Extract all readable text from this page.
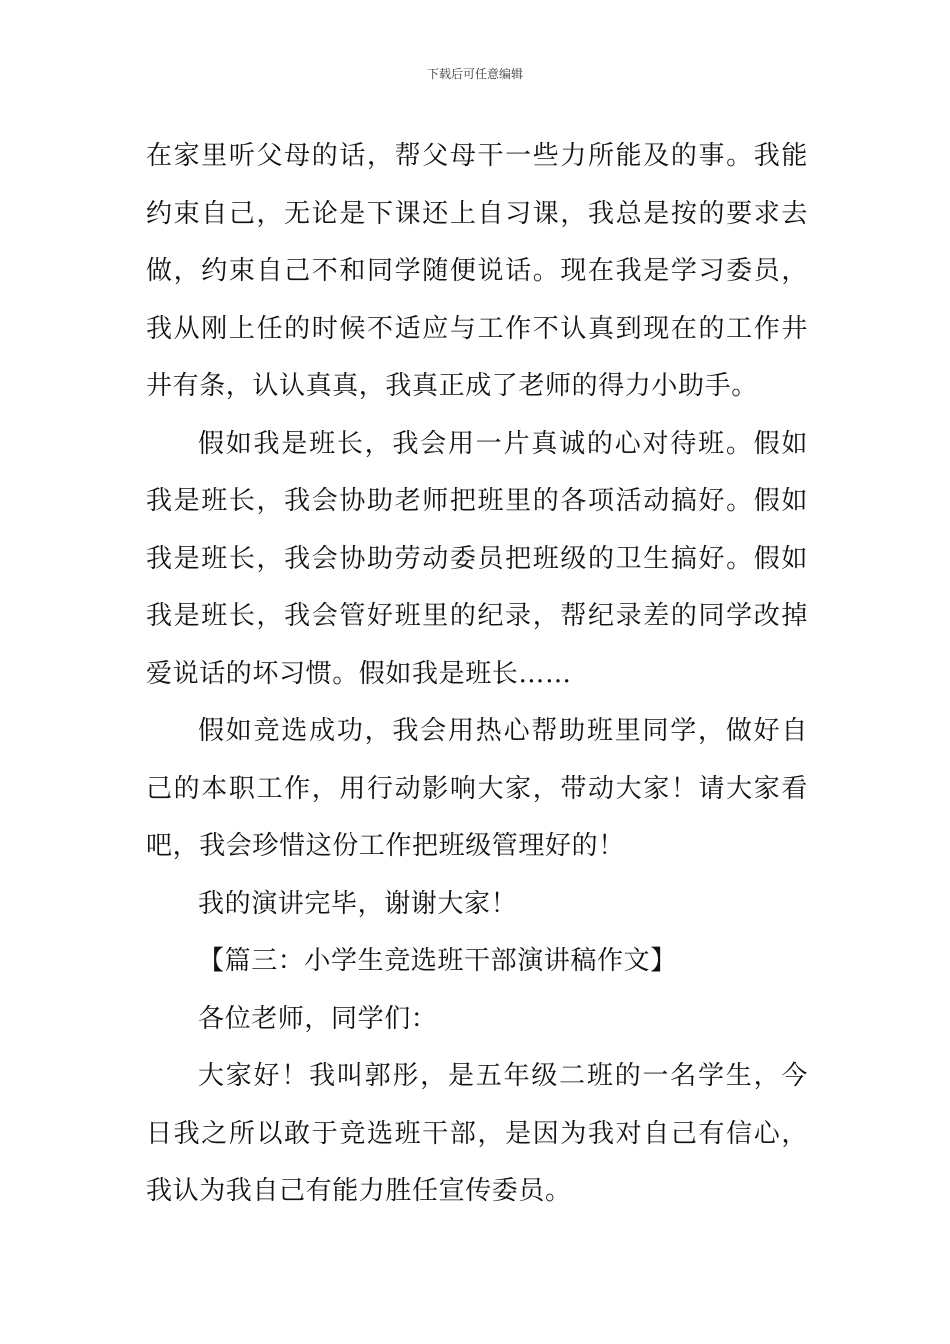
下载后可任意编辑

在家里听父母的话，帮父母干一些力所能及的事。我能约束自己，无论是下课还上自习课，我总是按的要求去做，约束自己不和同学随便说话。现在我是学习委员，我从刚上任的时候不适应与工作不认真到现在的工作井井有条，认认真真，我真正成了老师的得力小助手。

假如我是班长，我会用一片真诚的心对待班。假如我是班长，我会协助老师把班里的各项活动搞好。假如我是班长，我会协助劳动委员把班级的卫生搞好。假如我是班长，我会管好班里的纪录，帮纪录差的同学改掉爱说话的坏习惯。假如我是班长……

假如竞选成功，我会用热心帮助班里同学，做好自己的本职工作，用行动影响大家，带动大家！请大家看吧，我会珍惜这份工作把班级管理好的！

我的演讲完毕，谢谢大家！

【篇三：小学生竞选班干部演讲稿作文】

各位老师，同学们：

大家好！我叫郭彤，是五年级二班的一名学生，今日我之所以敢于竞选班干部，是因为我对自己有信心，我认为我自己有能力胜任宣传委员。
